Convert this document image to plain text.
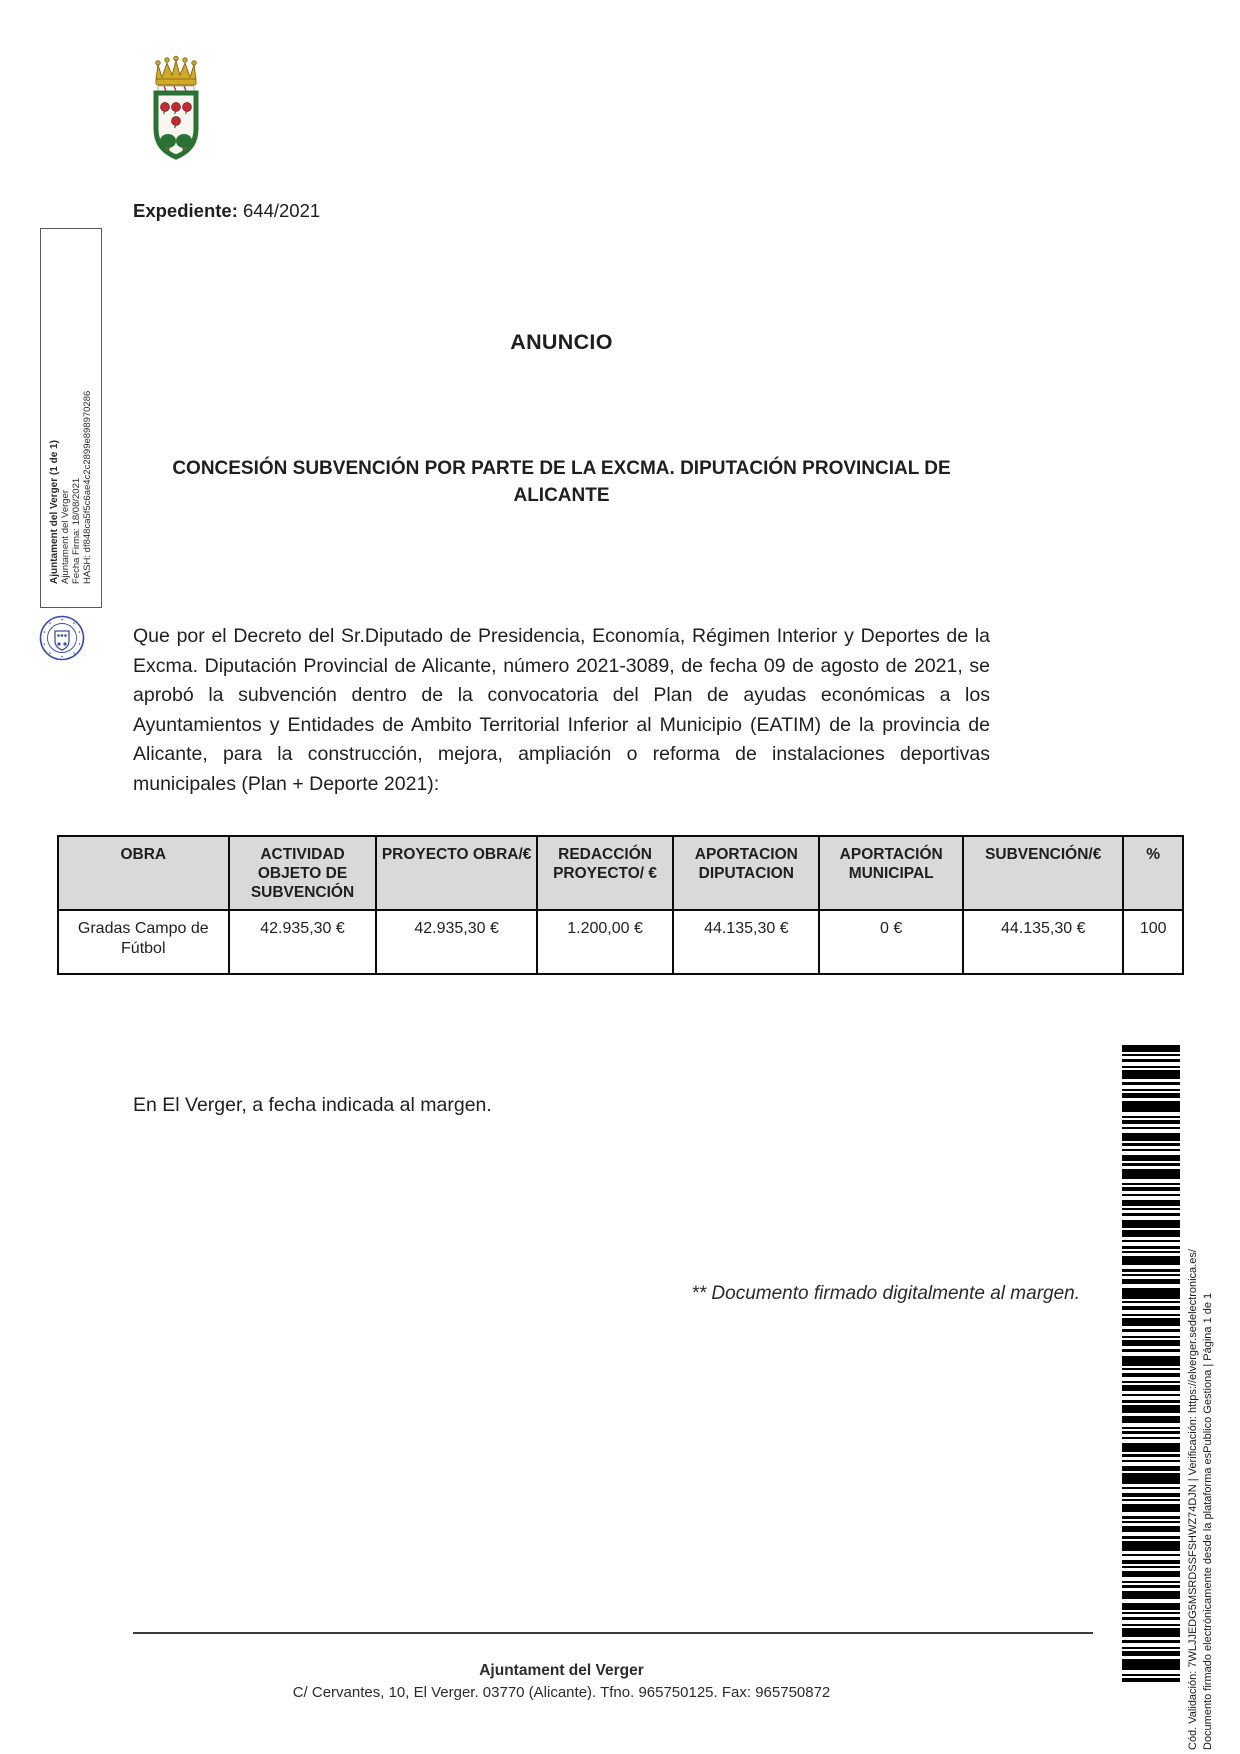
Ajuntament del Verger (1 de 1) Ajuntament del Verger Fecha Firma: 18/08/2021 HASH: df848ca5f5c6ae4c2c2899e898970286
Expediente: 644/2021
ANUNCIO
CONCESIÓN SUBVENCIÓN POR PARTE DE LA EXCMA. DIPUTACIÓN PROVINCIAL DE ALICANTE
Que por el Decreto del Sr.Diputado de Presidencia, Economía, Régimen Interior y Deportes de la Excma. Diputación Provincial de Alicante, número 2021-3089, de fecha 09 de agosto de 2021, se aprobó la subvención dentro de la convocatoria del Plan de ayudas económicas a los Ayuntamientos y Entidades de Ambito Territorial Inferior al Municipio (EATIM) de la provincia de Alicante, para la construcción, mejora, ampliación o reforma de instalaciones deportivas municipales (Plan + Deporte 2021):
OBRA	ACTIVIDAD OBJETO DE SUBVENCIÓN	PROYECTO OBRA/€	REDACCIÓN PROYECTO/ €	APORTACION DIPUTACION	APORTACIÓN MUNICIPAL	SUBVENCIÓN/€	%
Gradas Campo de Fútbol	42.935,30 €	42.935,30 €	1.200,00 €	44.135,30 €	0 €	44.135,30 €	100
En El Verger, a fecha indicada al margen.
** Documento firmado digitalmente al margen.	Cód. Validación: 7WLJJEDG5MSRDSSFSHWZ74DJN | Verificación: https://elverger.sedelectronica.es/ Documento firmado electrónicamente desde la plataforma esPublico Gestiona | Página 1 de 1
Ajuntament del Verger
C/ Cervantes, 10, El Verger. 03770 (Alicante). Tfno. 965750125. Fax: 965750872
